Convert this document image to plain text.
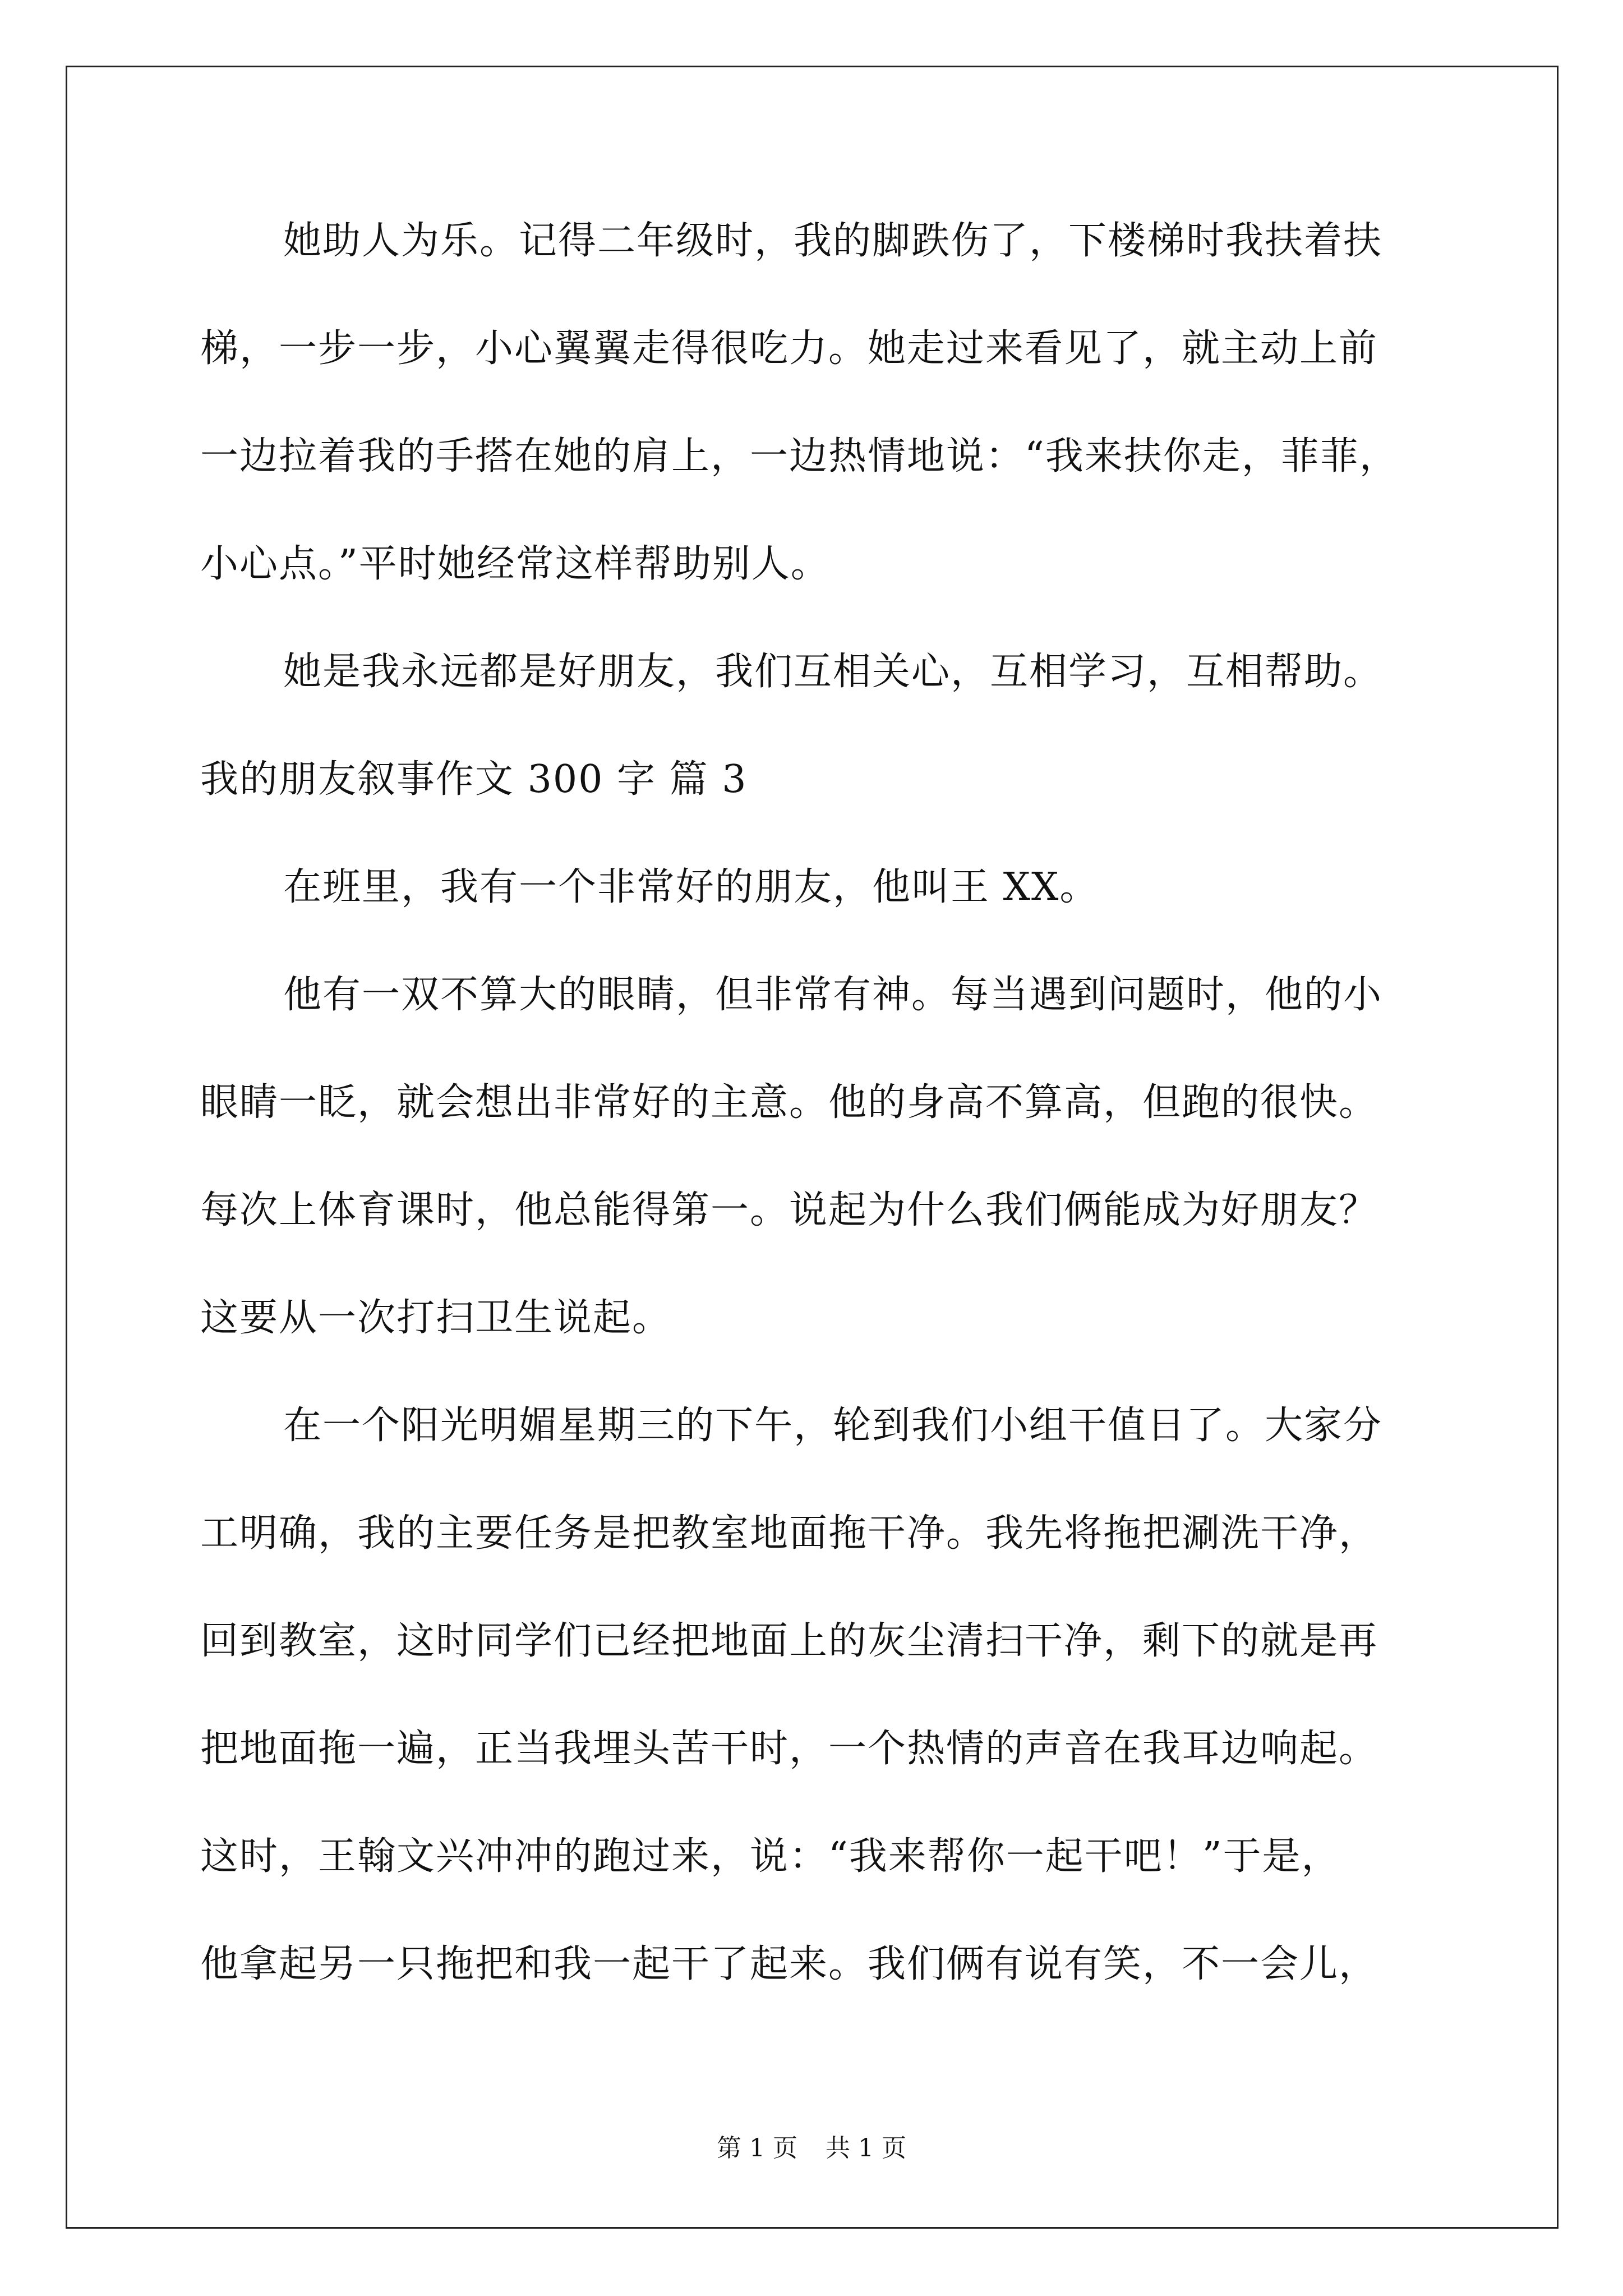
她助人为乐。记得二年级时，我的脚跌伤了，下楼梯时我扶着扶
梯，一步一步，小心翼翼走得很吃力。她走过来看见了，就主动上前
一边拉着我的手搭在她的肩上，一边热情地说：“我来扶你走，菲菲，
小心点。”平时她经常这样帮助别人。
她是我永远都是好朋友，我们互相关心，互相学习，互相帮助。
我的朋友叙事作文 300 字 篇 3
在班里，我有一个非常好的朋友，他叫王 XX。
他有一双不算大的眼睛，但非常有神。每当遇到问题时，他的小
眼睛一眨，就会想出非常好的主意。他的身高不算高，但跑的很快。
每次上体育课时，他总能得第一。说起为什么我们俩能成为好朋友？
这要从一次打扫卫生说起。
在一个阳光明媚星期三的下午，轮到我们小组干值日了。大家分
工明确，我的主要任务是把教室地面拖干净。我先将拖把涮洗干净，
回到教室，这时同学们已经把地面上的灰尘清扫干净，剩下的就是再
把地面拖一遍，正当我埋头苦干时，一个热情的声音在我耳边响起。
这时，王翰文兴冲冲的跑过来，说：“我来帮你一起干吧！”于是，
他拿起另一只拖把和我一起干了起来。我们俩有说有笑，不一会儿，
第 1 页 共 1 页
